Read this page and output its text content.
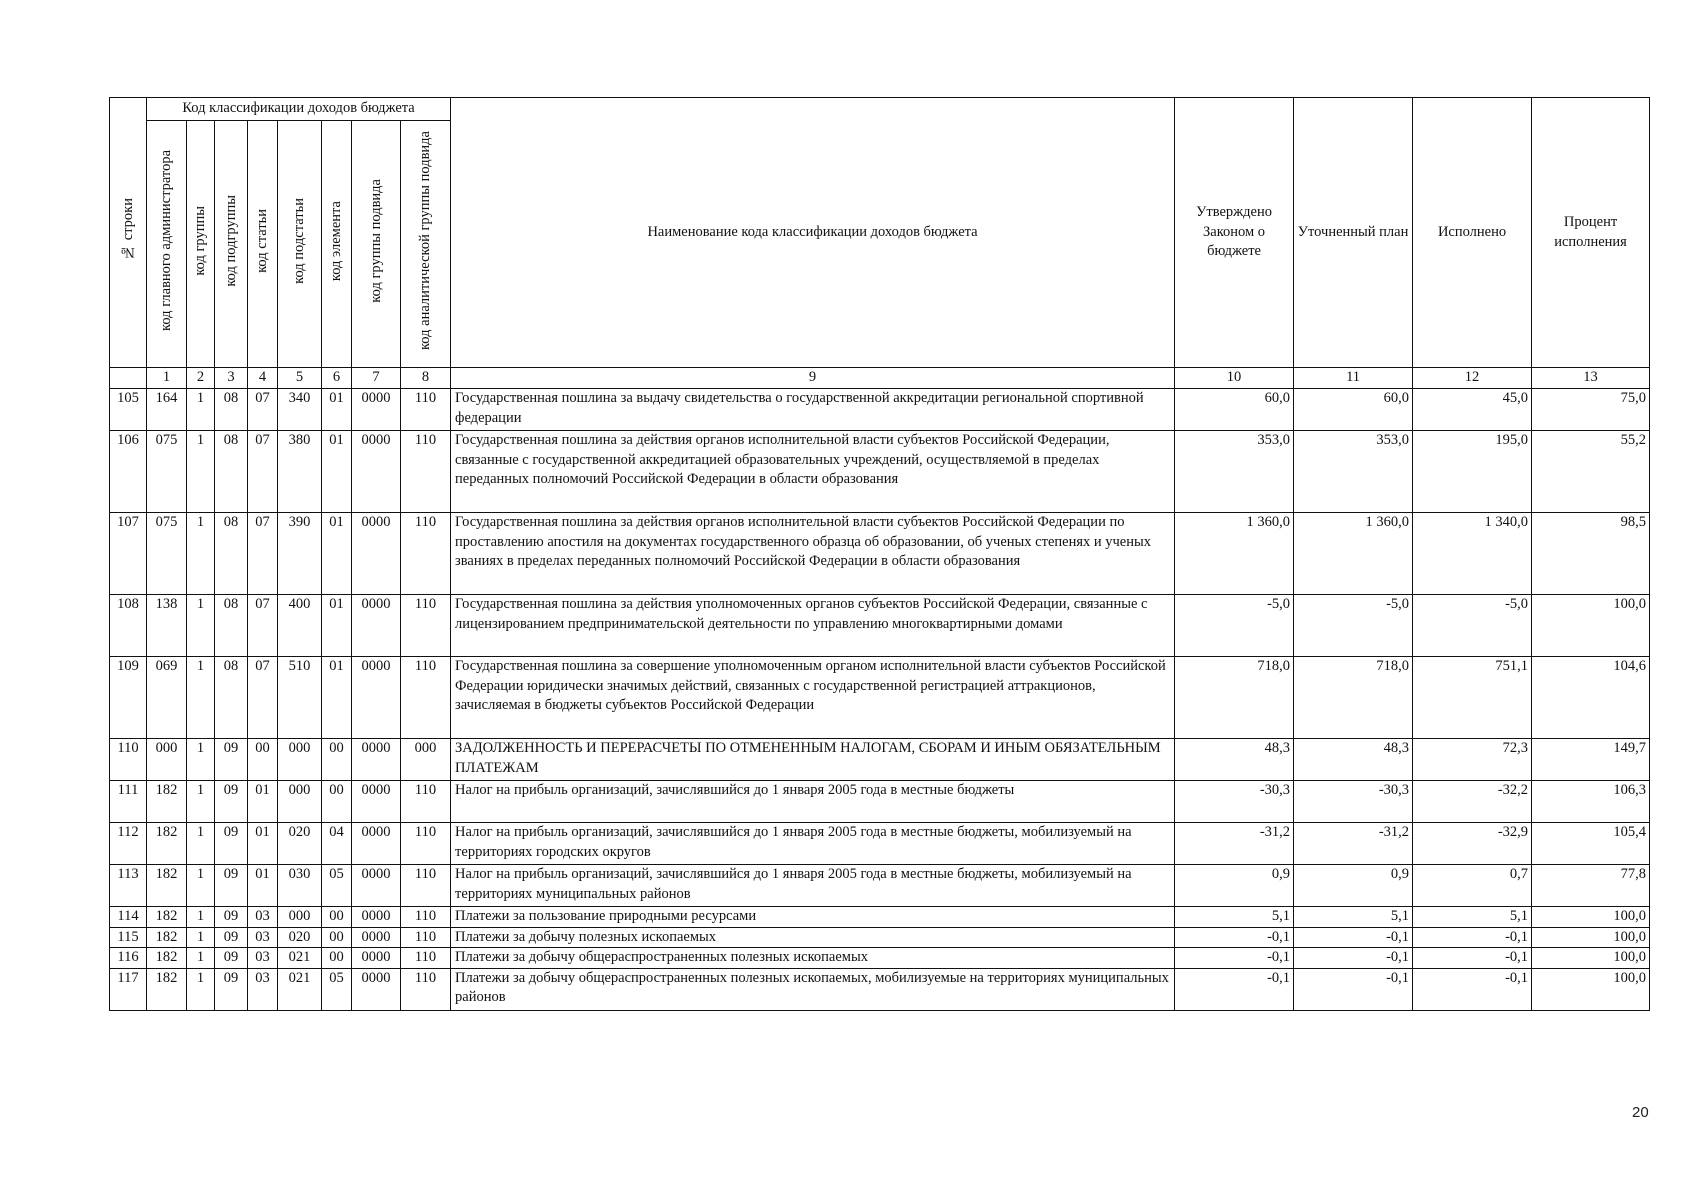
№ строки	Код классификации доходов бюджета								Наименование кода классификации доходов бюджета	Утверждено Законом о бюджете	Уточненный план	Исполнено	Процент исполнения
	код главного администратора	код группы	код подгруппы	код статьи	код подстатьи	код элемента	код группы подвида	код аналитической группы подвида					
	1	2	3	4	5	6	7	8	9	10	11	12	13
105	164	1	08	07	340	01	0000	110	Государственная пошлина за выдачу свидетельства о государственной аккредитации региональной спортивной федерации	60,0	60,0	45,0	75,0
106	075	1	08	07	380	01	0000	110	Государственная пошлина за действия органов исполнительной власти субъектов Российской Федерации, связанные с государственной аккредитацией образовательных учреждений, осуществляемой в пределах переданных полномочий Российской Федерации в области образования	353,0	353,0	195,0	55,2
107	075	1	08	07	390	01	0000	110	Государственная пошлина за действия органов исполнительной власти субъектов Российской Федерации по проставлению апостиля на документах государственного образца об образовании, об ученых степенях и ученых званиях в пределах переданных полномочий Российской Федерации в области образования	1 360,0	1 360,0	1 340,0	98,5
108	138	1	08	07	400	01	0000	110	Государственная пошлина за действия уполномоченных органов субъектов Российской Федерации, связанные с лицензированием предпринимательской деятельности по управлению многоквартирными домами	-5,0	-5,0	-5,0	100,0
109	069	1	08	07	510	01	0000	110	Государственная пошлина за совершение уполномоченным органом исполнительной власти субъектов Российской Федерации юридически значимых действий, связанных с государственной регистрацией аттракционов, зачисляемая в бюджеты субъектов Российской Федерации	718,0	718,0	751,1	104,6
110	000	1	09	00	000	00	0000	000	ЗАДОЛЖЕННОСТЬ И ПЕРЕРАСЧЕТЫ ПО ОТМЕНЕННЫМ НАЛОГАМ, СБОРАМ И ИНЫМ ОБЯЗАТЕЛЬНЫМ ПЛАТЕЖАМ	48,3	48,3	72,3	149,7
111	182	1	09	01	000	00	0000	110	Налог на прибыль организаций, зачислявшийся до 1 января 2005 года в местные бюджеты	-30,3	-30,3	-32,2	106,3
112	182	1	09	01	020	04	0000	110	Налог на прибыль организаций, зачислявшийся до 1 января 2005 года в местные бюджеты, мобилизуемый на территориях городских округов	-31,2	-31,2	-32,9	105,4
113	182	1	09	01	030	05	0000	110	Налог на прибыль организаций, зачислявшийся до 1 января 2005 года в местные бюджеты, мобилизуемый на территориях муниципальных районов	0,9	0,9	0,7	77,8
114	182	1	09	03	000	00	0000	110	Платежи за пользование природными ресурсами	5,1	5,1	5,1	100,0
115	182	1	09	03	020	00	0000	110	Платежи за добычу полезных ископаемых	-0,1	-0,1	-0,1	100,0
116	182	1	09	03	021	00	0000	110	Платежи за добычу общераспространенных полезных ископаемых	-0,1	-0,1	-0,1	100,0
117	182	1	09	03	021	05	0000	110	Платежи за добычу общераспространенных полезных ископаемых, мобилизуемые на территориях муниципальных районов	-0,1	-0,1	-0,1	100,0
20
